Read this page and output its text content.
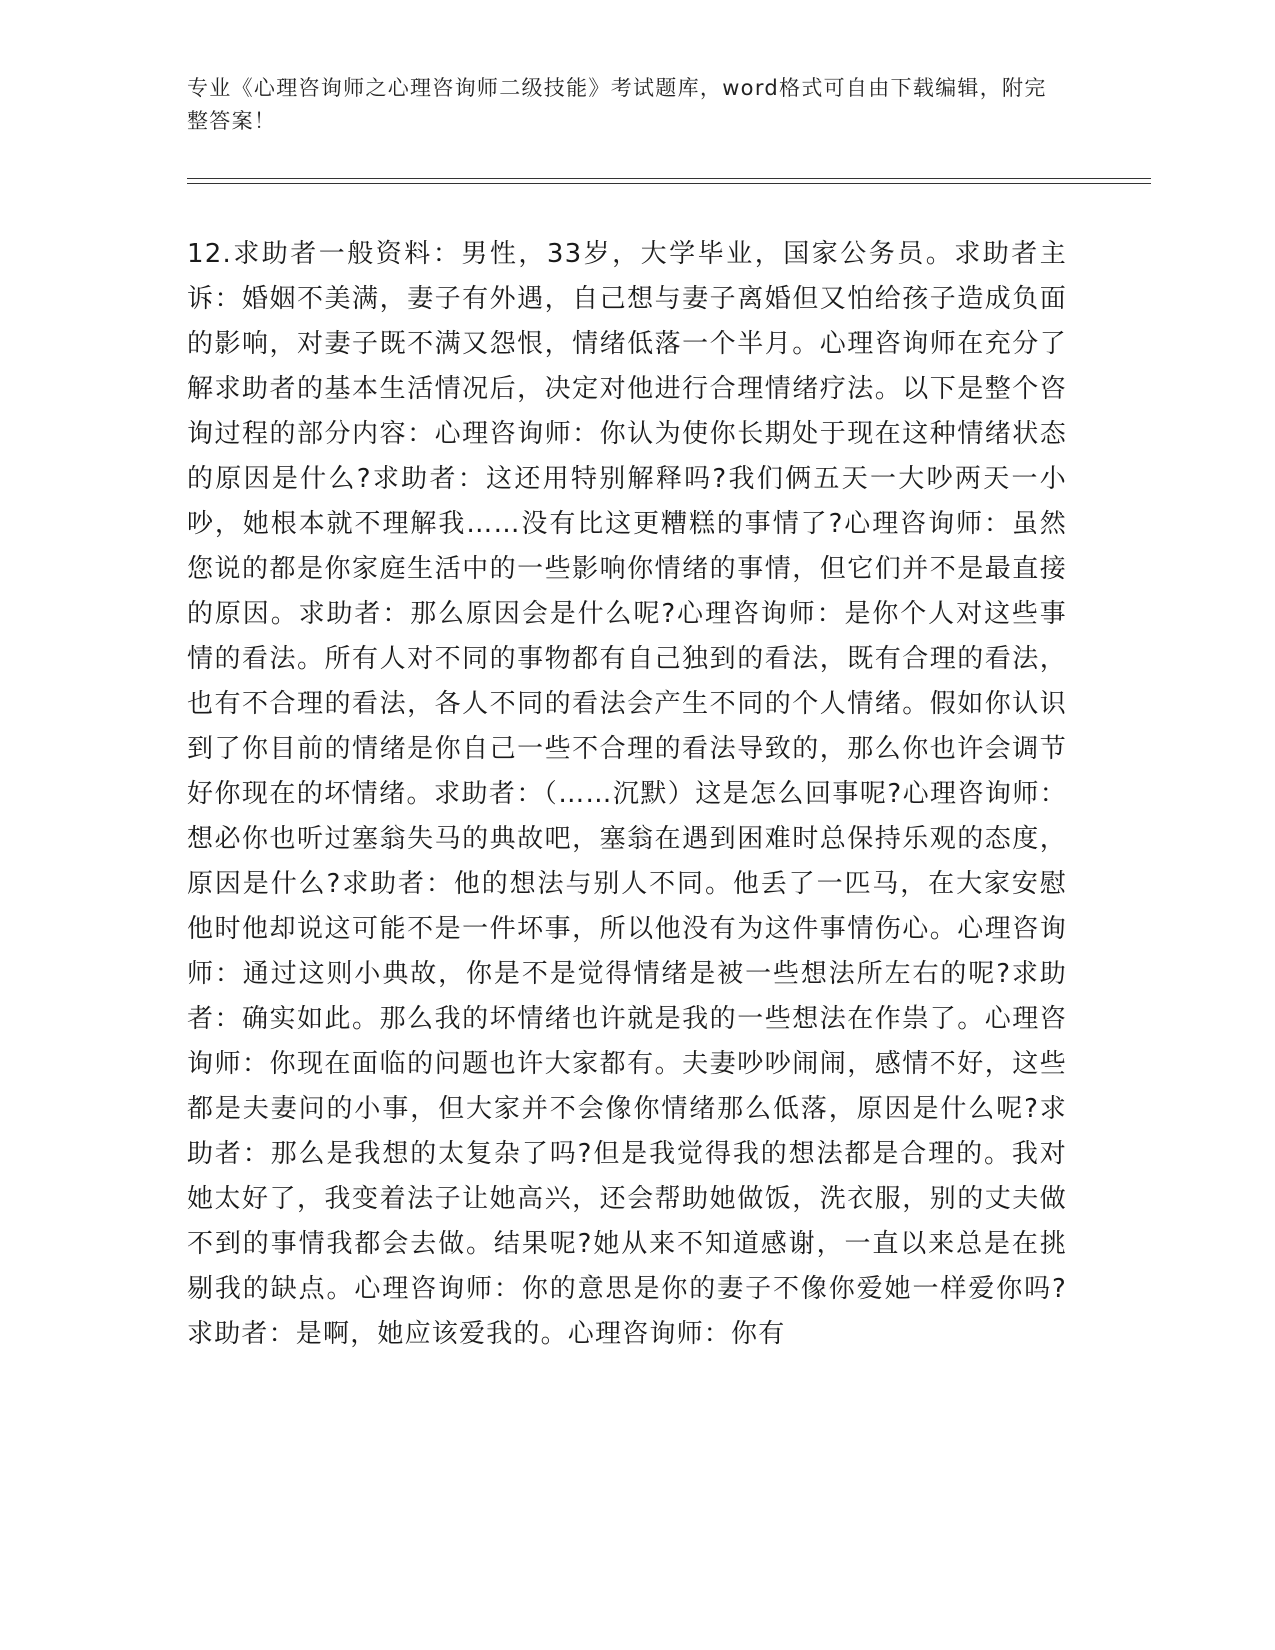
专业《心理咨询师之心理咨询师二级技能》考试题库，word格式可自由下载编辑，附完整答案！
12.求助者一般资料：男性，33岁，大学毕业，国家公务员。求助者主诉：婚姻不美满，妻子有外遇，自己想与妻子离婚但又怕给孩子造成负面的影响，对妻子既不满又怨恨，情绪低落一个半月。心理咨询师在充分了解求助者的基本生活情况后，决定对他进行合理情绪疗法。以下是整个咨询过程的部分内容：心理咨询师：你认为使你长期处于现在这种情绪状态的原因是什么?求助者：这还用特别解释吗?我们俩五天一大吵两天一小吵，她根本就不理解我……没有比这更糟糕的事情了?心理咨询师：虽然您说的都是你家庭生活中的一些影响你情绪的事情，但它们并不是最直接的原因。求助者：那么原因会是什么呢?心理咨询师：是你个人对这些事情的看法。所有人对不同的事物都有自己独到的看法，既有合理的看法，也有不合理的看法，各人不同的看法会产生不同的个人情绪。假如你认识到了你目前的情绪是你自己一些不合理的看法导致的，那么你也许会调节好你现在的坏情绪。求助者：（……沉默）这是怎么回事呢?心理咨询师：想必你也听过塞翁失马的典故吧，塞翁在遇到困难时总保持乐观的态度，原因是什么?求助者：他的想法与别人不同。他丢了一匹马，在大家安慰他时他却说这可能不是一件坏事，所以他没有为这件事情伤心。心理咨询师：通过这则小典故，你是不是觉得情绪是被一些想法所左右的呢?求助者：确实如此。那么我的坏情绪也许就是我的一些想法在作祟了。心理咨询师：你现在面临的问题也许大家都有。夫妻吵吵闹闹，感情不好，这些都是夫妻问的小事，但大家并不会像你情绪那么低落，原因是什么呢?求助者：那么是我想的太复杂了吗?但是我觉得我的想法都是合理的。我对她太好了，我变着法子让她高兴，还会帮助她做饭，洗衣服，别的丈夫做不到的事情我都会去做。结果呢?她从来不知道感谢，一直以来总是在挑剔我的缺点。心理咨询师：你的意思是你的妻子不像你爱她一样爱你吗?求助者：是啊，她应该爱我的。心理咨询师：你有
